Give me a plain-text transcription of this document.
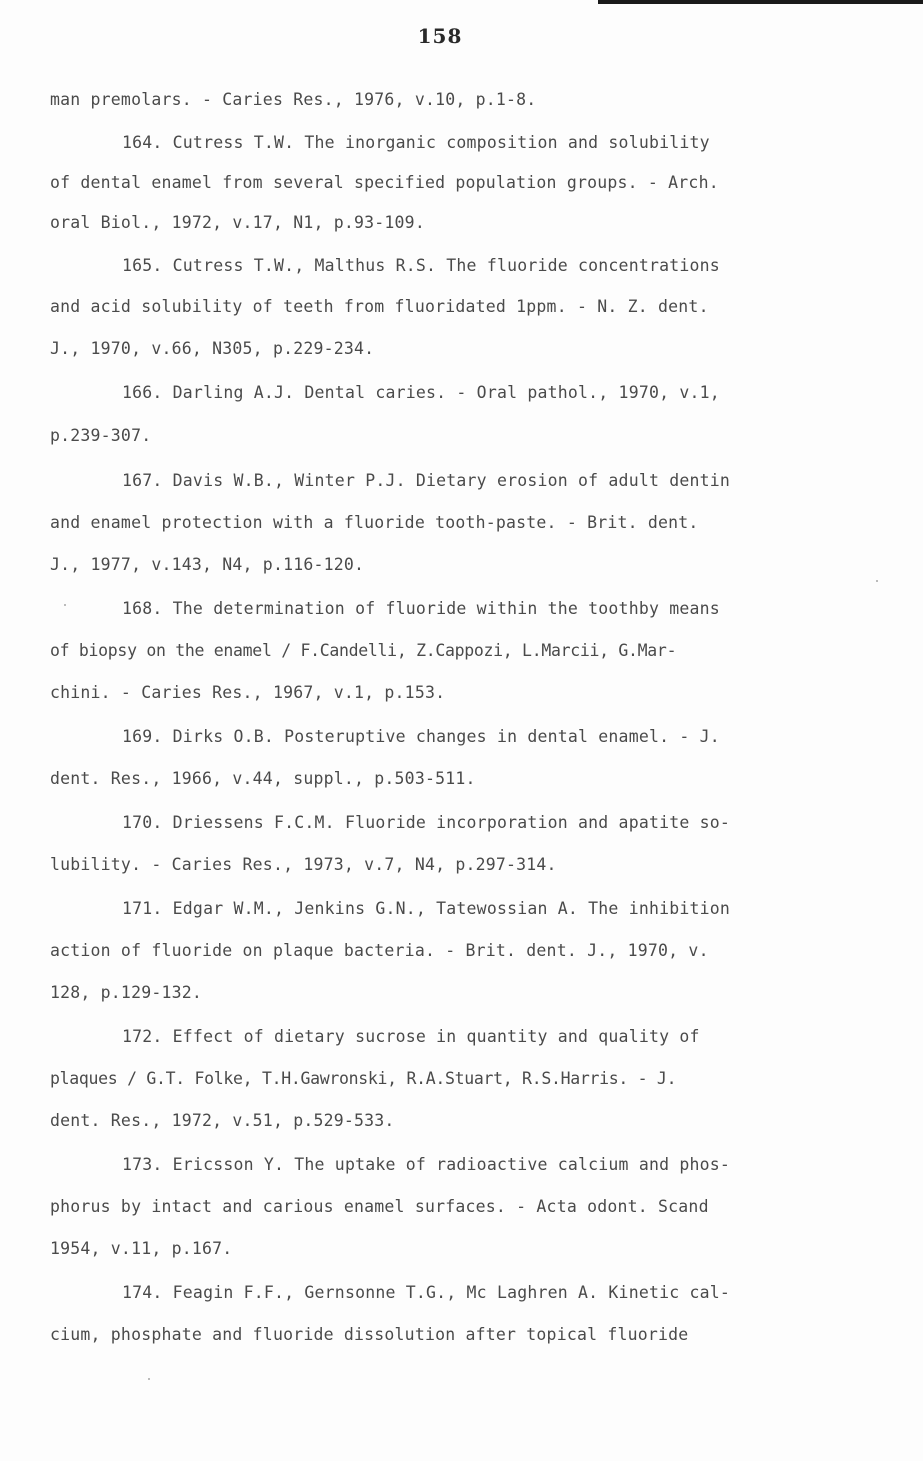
158
man premolars. - Caries Res., 1976, v.10, p.1-8.
164. Cutress T.W. The inorganic composition and solubility
of dental enamel from several specified population groups. - Arch.
oral Biol., 1972, v.17, N1, p.93-109.
165. Cutress T.W., Malthus R.S. The fluoride concentrations
and acid solubility of teeth from fluoridated 1ppm. - N. Z. dent.
J., 1970, v.66, N305, p.229-234.
166. Darling A.J. Dental caries. - Oral pathol., 1970, v.1,
p.239-307.
167. Davis W.B., Winter P.J. Dietary erosion of adult dentin
and enamel protection with a fluoride tooth-paste. - Brit. dent.
J., 1977, v.143, N4, p.116-120.
168. The determination of fluoride within the toothby means
of biopsy on the enamel / F.Candelli, Z.Cappozi, L.Marcii, G.Mar-
chini. - Caries Res., 1967, v.1, p.153.
169. Dirks O.B. Posteruptive changes in dental enamel. - J.
dent. Res., 1966, v.44, suppl., p.503-511.
170. Driessens F.C.M. Fluoride incorporation and apatite so-
lubility. - Caries Res., 1973, v.7, N4, p.297-314.
171. Edgar W.M., Jenkins G.N., Tatewossian A. The inhibition
action of fluoride on plaque bacteria. - Brit. dent. J., 1970, v.
128, p.129-132.
172. Effect of dietary sucrose in quantity and quality of
plaques / G.T. Folke, T.H.Gawronski, R.A.Stuart, R.S.Harris. - J.
dent. Res., 1972, v.51, p.529-533.
173. Ericsson Y. The uptake of radioactive calcium and phos-
phorus by intact and carious enamel surfaces. - Acta odont. Scand
1954, v.11, p.167.
174. Feagin F.F., Gernsonne T.G., Mc Laghren A. Kinetic cal-
cium, phosphate and fluoride dissolution after topical fluoride
